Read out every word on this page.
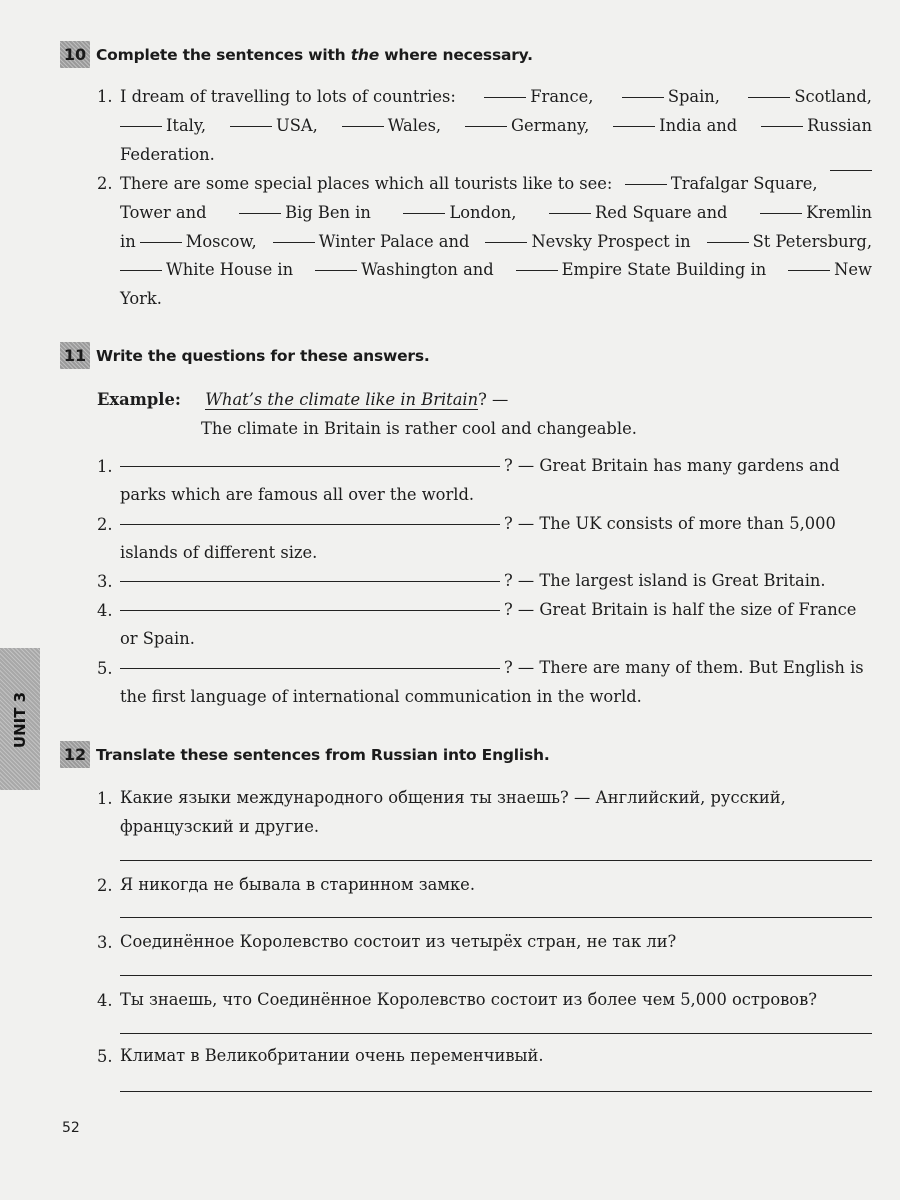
10 Complete the sentences with the where necessary.
1. I dream of travelling to lots of countries:	France,	Spain,	Scotland,
Italy,	USA,	Wales,	Germany,	India and	Russian
Federation.
2. There are some special places which all tourists like to see:	Trafalgar Square,
Tower and	Big Ben in	London,	Red Square and	Kremlin
in	Moscow,	Winter Palace and	Nevsky Prospect in	St Petersburg,
White House in	Washington and	Empire State Building in	New
York.
11 Write the questions for these answers.
Example: What’s the climate like in Britain? —
The climate in Britain is rather cool and changeable.
1.	? — Great Britain has many gardens and
parks which are famous all over the world.
2.	? — The UK consists of more than 5,000
islands of different size.
3.	? — The largest island is Great Britain.
4.	? — Great Britain is half the size of France
or Spain.
5.	? — There are many of them. But English is
the first language of international communication in the world.
12 Translate these sentences from Russian into English.
1. Какие языки международного общения ты знаешь? — Английский, русский,
французский и другие.
2. Я никогда не бывала в старинном замке.
3. Соединённое Королевство состоит из четырёх стран, не так ли?
4. Ты знаешь, что Соединённое Королевство состоит из более чем 5,000 островов?
5. Климат в Великобритании очень переменчивый.
UNIT 3
52
